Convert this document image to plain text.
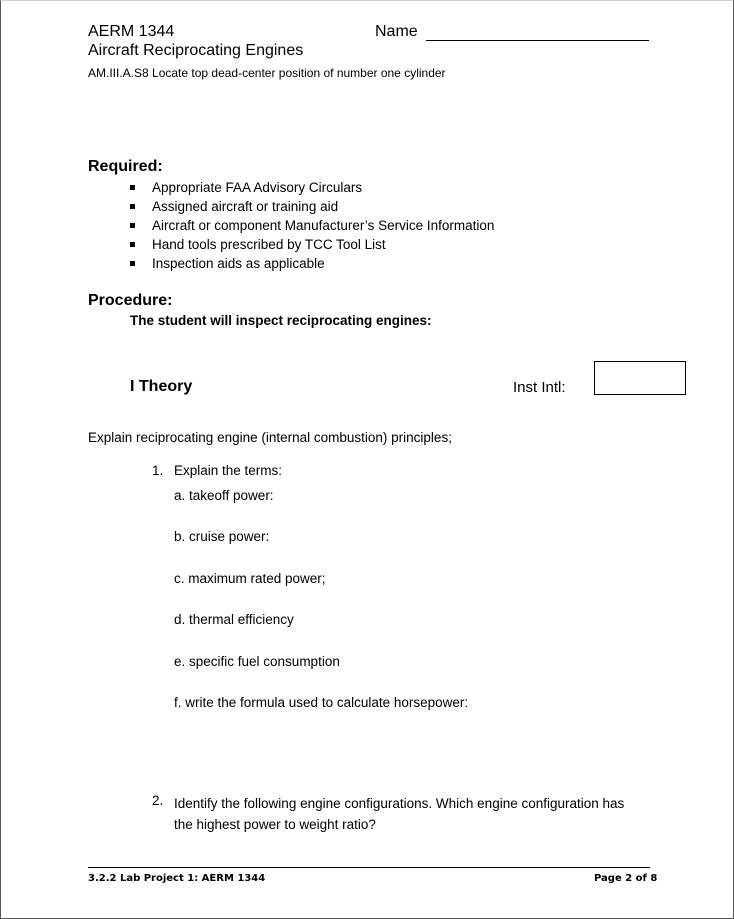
AERM 1344	Name
Aircraft Reciprocating Engines
AM.III.A.S8 Locate top dead-center position of number one cylinder
Required:
Appropriate FAA Advisory Circulars
Assigned aircraft or training aid
Aircraft or component Manufacturer’s Service Information
Hand tools prescribed by TCC Tool List
Inspection aids as applicable
Procedure:
The student will inspect reciprocating engines:
I Theory	Inst Intl:
Explain reciprocating engine (internal combustion) principles;
1. Explain the terms:
a. takeoff power:
b. cruise power:
c. maximum rated power;
d. thermal efficiency
e. specific fuel consumption
f. write the formula used to calculate horsepower:
2. Identify the following engine configurations. Which engine configuration has the highest power to weight ratio?
3.2.2 Lab Project 1: AERM 1344	Page 2 of 8
